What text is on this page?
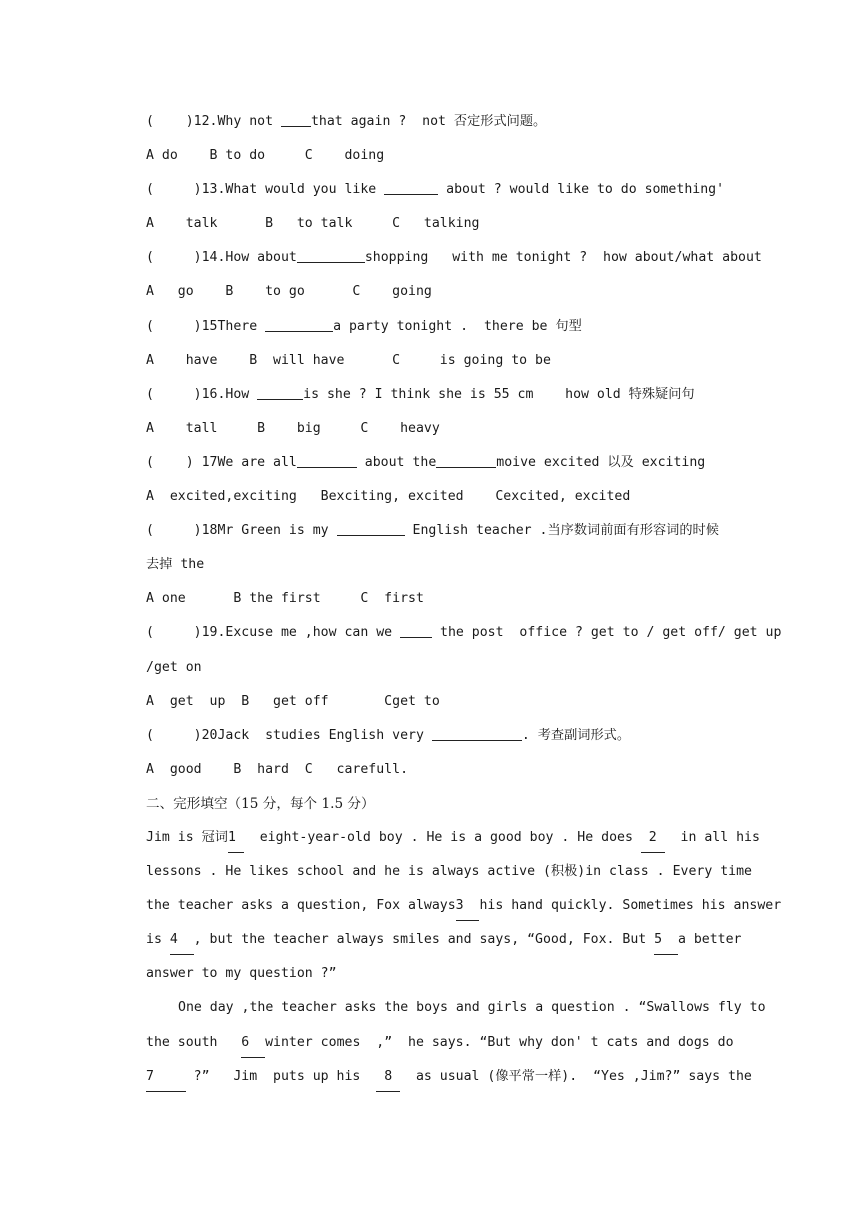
(    )12.Why not that again ?  not 否定形式问题。
A do    B to do     C    doing
(     )13.What would you like	about ? would like to do something'
A    talk      B   to talk     C   talking
(     )14.How about	shopping   with me tonight ?  how about/what about
A   go    B    to go      C    going
(     )15There	a party tonight .  there be 句型
A    have    B  will have      C     is going to be
(     )16.How	is she ? I think she is 55 cm    how old 特殊疑问句
A    tall     B    big     C    heavy
(    ) 17We are all	about the	moive excited 以及 exciting
A  excited,exciting   Bexciting, excited    Cexcited, excited
(     )18Mr Green is my	English teacher .当序数词前面有形容词的时候
去掉 the
A one      B the first     C  first
(     )19.Excuse me ,how can we  the post  office ? get to / get off/ get up
/get on
A  get  up  B   get off       Cget to
(     )20Jack  studies English very	. 考查副词形式。
A  good    B  hard  C   carefull.
二、完形填空（15 分，每个 1.5 分）
Jim is 冠词1   eight-year-old boy . He is a good boy . He does  2   in all his
lessons . He likes school and he is always active (积极)in class . Every time
the teacher asks a question, Fox always3  his hand quickly. Sometimes his answer
is 4  , but the teacher always smiles and says, “Good, Fox. But 5  a better
answer to my question ?”
One day ,the teacher asks the boys and girls a question . “Swallows fly to
the south   6  winter comes  ,”  he says. “But why don' t cats and dogs do
7     ?”   Jim  puts up his   8   as usual (像平常一样).  “Yes ,Jim?” says the
